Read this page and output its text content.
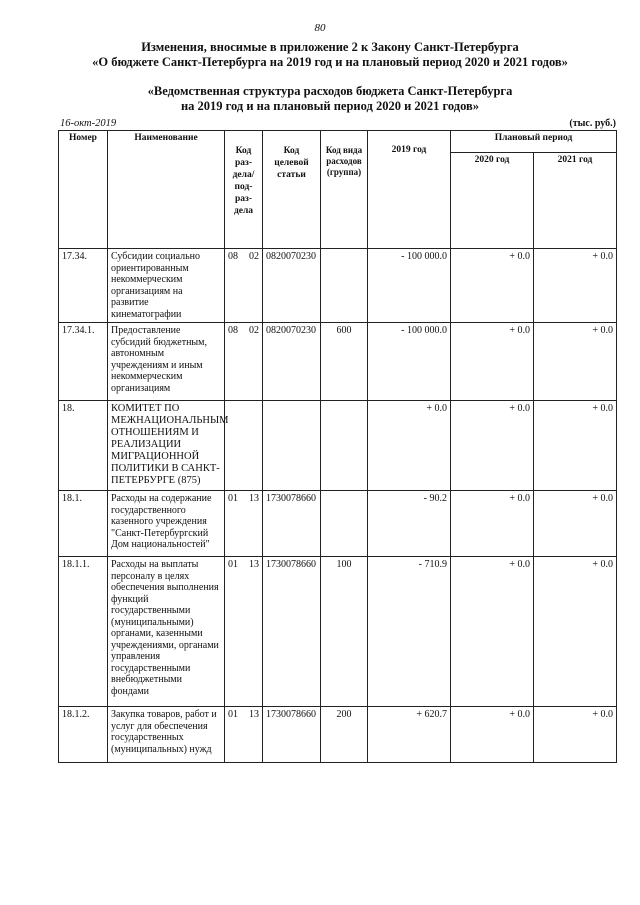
80
Изменения, вносимые в приложение 2 к Закону Санкт-Петербурга
«О бюджете Санкт-Петербурга на 2019 год и на плановый период 2020 и 2021 годов»
«Ведомственная структура расходов бюджета Санкт-Петербурга
на 2019 год и на плановый период 2020 и 2021 годов»
16-окт-2019	(тыс. руб.)
Номер	Наименование	Код раз-дела/ под-раз-дела	Код целевой статьи	Код вида расходов (группа)	2019 год	Плановый период	
						2020 год	2021 год
17.34.	Субсидии социально ориентированным некоммерческим организациям на развитие кинематографии	08 02	0820070230		- 100 000.0	+ 0.0	+ 0.0
17.34.1.	Предоставление субсидий бюджетным, автономным учреждениям и иным некоммерческим организациям	08 02	0820070230	600	- 100 000.0	+ 0.0	+ 0.0
18.	КОМИТЕТ ПО МЕЖНАЦИОНАЛЬНЫМ ОТНОШЕНИЯМ И РЕАЛИЗАЦИИ МИГРАЦИОННОЙ ПОЛИТИКИ В САНКТ-ПЕТЕРБУРГЕ (875)				+ 0.0	+ 0.0	+ 0.0
18.1.	Расходы на содержание государственного казенного учреждения "Санкт-Петербургский Дом национальностей"	01 13	1730078660		- 90.2	+ 0.0	+ 0.0
18.1.1.	Расходы на выплаты персоналу в целях обеспечения выполнения функций государственными (муниципальными) органами, казенными учреждениями, органами управления государственными внебюджетными фондами	01 13	1730078660	100	- 710.9	+ 0.0	+ 0.0
18.1.2.	Закупка товаров, работ и услуг для обеспечения государственных (муниципальных) нужд	01 13	1730078660	200	+ 620.7	+ 0.0	+ 0.0
